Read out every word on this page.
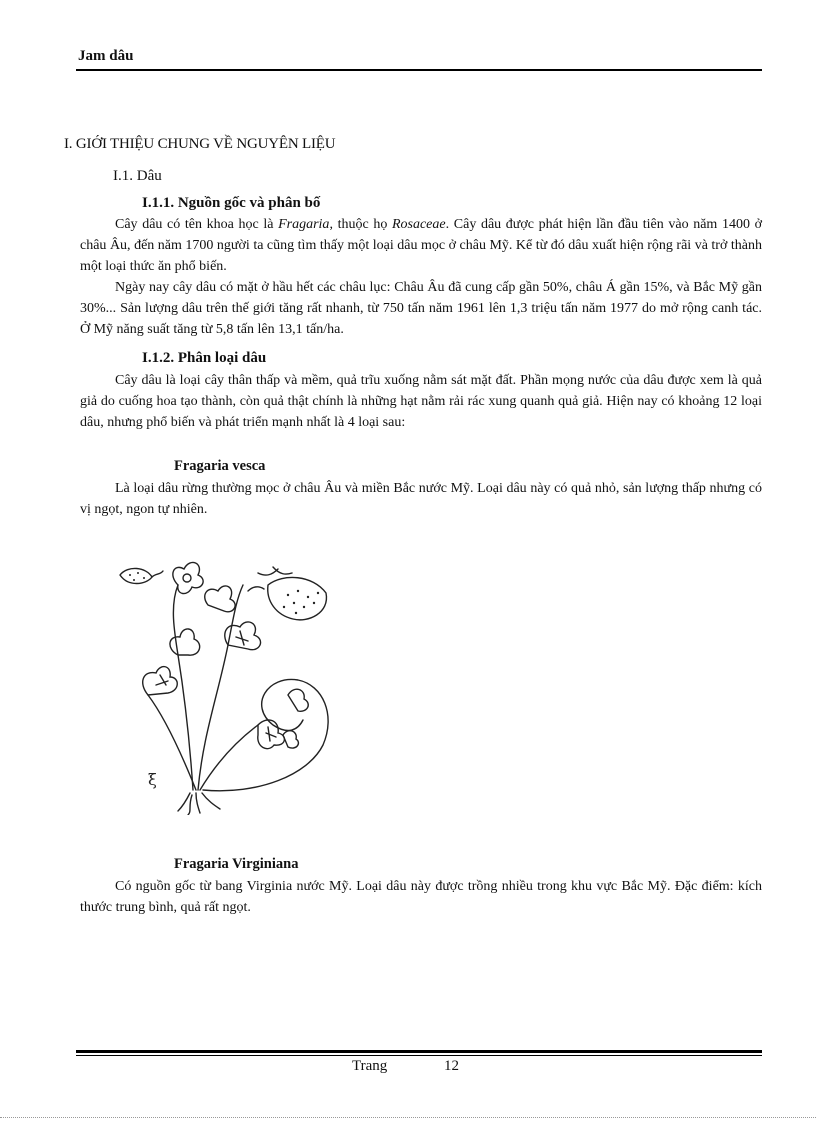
Jam dâu
I. GIỚI THIỆU CHUNG VỀ NGUYÊN LIỆU
I.1. Dâu
I.1.1. Nguồn gốc và phân bố
Cây dâu có tên khoa học là Fragaria, thuộc họ Rosaceae. Cây dâu được phát hiện lần đầu tiên vào năm 1400 ở châu Âu, đến năm 1700 người ta cũng tìm thấy một loại dâu mọc ở châu Mỹ. Kể từ đó dâu xuất hiện rộng rãi và trở thành một loại thức ăn phổ biến.
Ngày nay cây dâu có mặt ở hầu hết các châu lục: Châu Âu đã cung cấp gần 50%, châu Á gần 15%, và Bắc Mỹ gần 30%... Sản lượng dâu trên thế giới tăng rất nhanh, từ 750 tấn năm 1961 lên 1,3 triệu tấn năm 1977 do mở rộng canh tác. Ở Mỹ năng suất tăng từ 5,8 tấn lên 13,1 tấn/ha.
I.1.2. Phân loại dâu
Cây dâu là loại cây thân thấp và mềm, quả trĩu xuống nằm sát mặt đất. Phần mọng nước của dâu được xem là quả giả do cuống hoa tạo thành, còn quả thật chính là những hạt nằm rải rác xung quanh quả giả. Hiện nay có khoảng 12 loại dâu, nhưng phổ biến và phát triển mạnh nhất là 4 loại sau:
Fragaria vesca
Là loại dâu rừng thường mọc ở châu Âu và miền Bắc nước Mỹ. Loại dâu này có quả nhỏ, sản lượng thấp nhưng có vị ngọt, ngon tự nhiên.
ξ
Fragaria Virginiana
Có nguồn gốc từ bang Virginia nước Mỹ. Loại dâu này được trồng nhiều trong khu vực Bắc Mỹ. Đặc điểm: kích thước trung bình, quả rất ngọt.
Trang	12
